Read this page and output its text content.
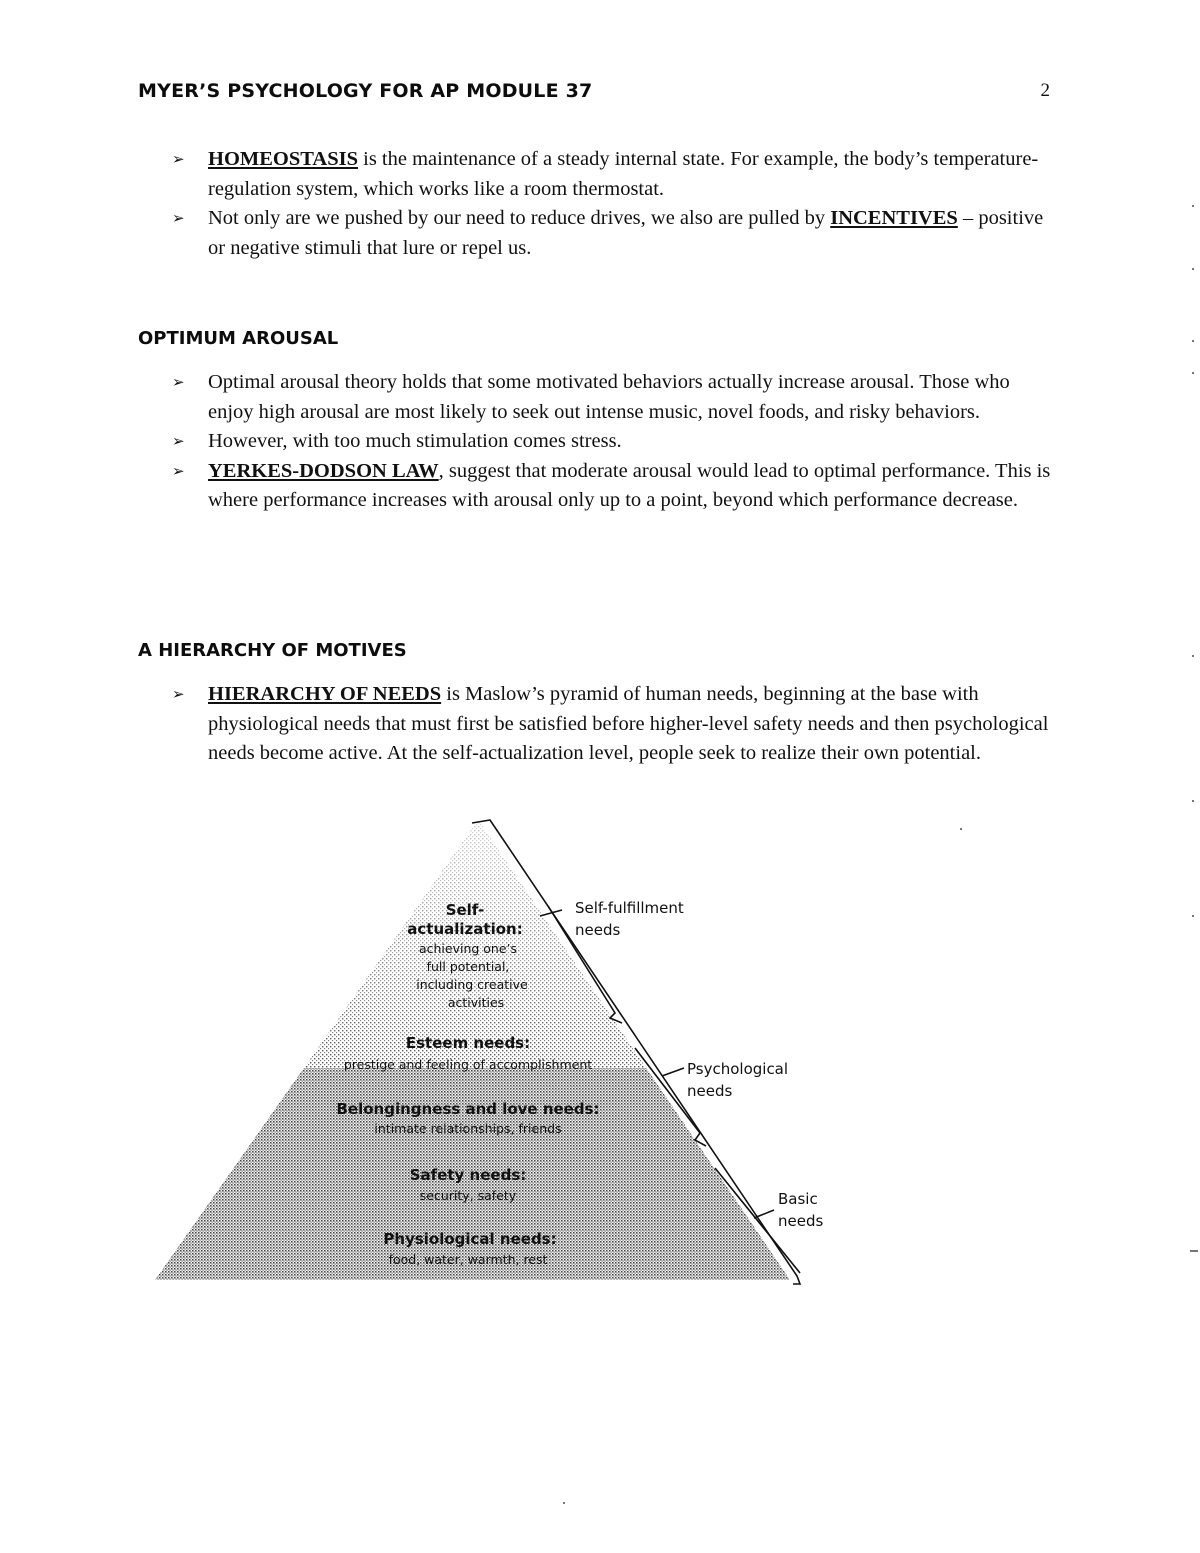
MYER’S PSYCHOLOGY FOR AP MODULE 37	2
➢ HOMEOSTASIS is the maintenance of a steady internal state. For example, the body’s temperature-regulation system, which works like a room thermostat.
➢ Not only are we pushed by our need to reduce drives, we also are pulled by INCENTIVES – positive or negative stimuli that lure or repel us.
OPTIMUM AROUSAL
➢ Optimal arousal theory holds that some motivated behaviors actually increase arousal. Those who enjoy high arousal are most likely to seek out intense music, novel foods, and risky behaviors.
➢ However, with too much stimulation comes stress.
➢ YERKES-DODSON LAW, suggest that moderate arousal would lead to optimal performance. This is where performance increases with arousal only up to a point, beyond which performance decrease.
A HIERARCHY OF MOTIVES
➢ HIERARCHY OF NEEDS is Maslow’s pyramid of human needs, beginning at the base with physiological needs that must first be satisfied before higher-level safety needs and then psychological needs become active. At the self-actualization level, people seek to realize their own potential.
Self-
actualization:
achieving one’s
full potential,
including creative
activities
Esteem needs:
prestige and feeling of accomplishment
Belongingness and love needs:
intimate relationships, friends
Safety needs:
security, safety
Physiological needs:
food, water, warmth, rest
Self-fulfillment
needs
Psychological
needs
Basic
needs
